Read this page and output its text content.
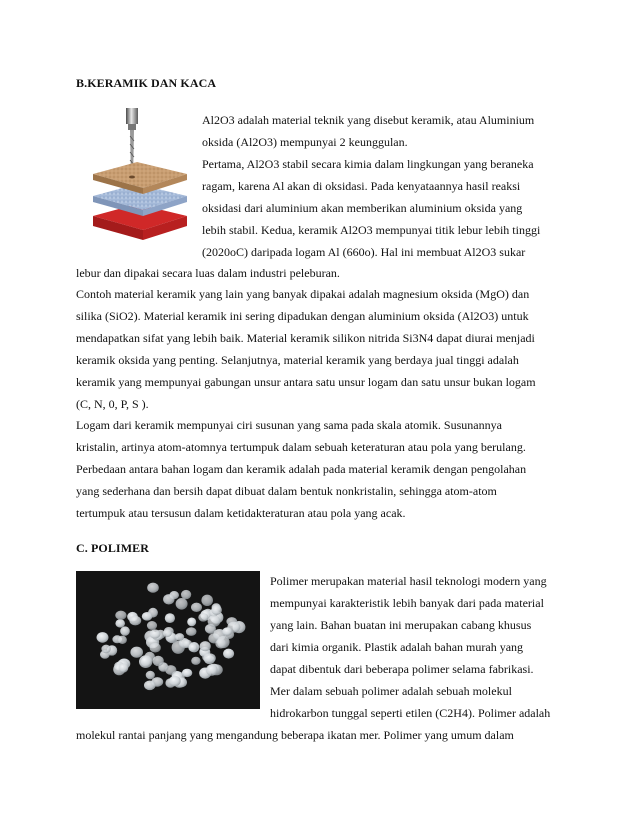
B.KERAMIK DAN KACA
Al2O3 adalah material teknik yang disebut keramik, atau Aluminium
oksida (Al2O3) mempunyai 2 keunggulan.
Pertama, Al2O3 stabil secara kimia dalam lingkungan yang beraneka
ragam, karena Al akan di oksidasi. Pada kenyataannya hasil reaksi
oksidasi dari aluminium akan memberikan aluminium oksida yang
lebih stabil. Kedua, keramik Al2O3 mempunyai titik lebur lebih tinggi
(2020oC) daripada logam Al (660o). Hal ini membuat Al2O3 sukar
lebur dan dipakai secara luas dalam industri peleburan.
Contoh material keramik yang lain yang banyak dipakai adalah magnesium oksida (MgO) dan
silika (SiO2). Material keramik ini sering dipadukan dengan aluminium oksida (Al2O3) untuk
mendapatkan sifat yang lebih baik. Material keramik silikon nitrida Si3N4 dapat diurai menjadi
keramik oksida yang penting. Selanjutnya, material keramik yang berdaya jual tinggi adalah
keramik yang mempunyai gabungan unsur antara satu unsur logam dan satu unsur bukan logam
(C, N, 0, P, S ).
Logam dari keramik mempunyai ciri susunan yang sama pada skala atomik. Susunannya
kristalin, artinya atom-atomnya tertumpuk dalam sebuah keteraturan atau pola yang berulang.
Perbedaan antara bahan logam dan keramik adalah pada material keramik dengan pengolahan
yang sederhana dan bersih dapat dibuat dalam bentuk nonkristalin, sehingga atom-atom
tertumpuk atau tersusun dalam ketidakteraturan atau pola yang acak.
C. POLIMER
Polimer merupakan material hasil teknologi modern yang
mempunyai karakteristik lebih banyak dari pada material
yang lain. Bahan buatan ini merupakan cabang khusus
dari kimia organik. Plastik adalah bahan murah yang
dapat dibentuk dari beberapa polimer selama fabrikasi.
Mer dalam sebuah polimer adalah sebuah molekul
hidrokarbon tunggal seperti etilen (C2H4). Polimer adalah
molekul rantai panjang yang mengandung beberapa ikatan mer. Polimer yang umum dalam
